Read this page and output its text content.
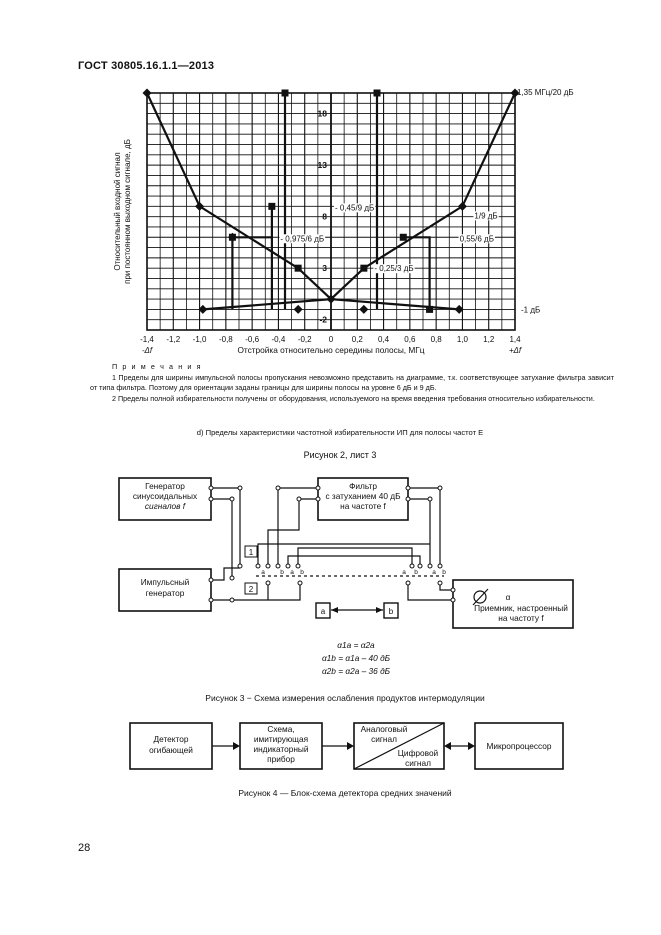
ГОСТ 30805.16.1.1—2013
-1,4 -1,2 -1,0 -0,8 -0,6 -0,4 -0,2 0 0,2 0,4 0,6 0,8 1,0 1,2 1,4
-Δf	+Δf
Отстройка относительно середины полосы, МГц
18
13
8
3
-2
Относительный входной сигнал при постоянном выходном сигнале, дБ
1,35 МГц/20 дБ
- 0,45/9 дБ
- 0,975/6 дБ
1/9 дБ
0,55/6 дБ
- 0,25/3 дБ
-1 дБ
П р и м е ч а н и я

1 Пределы для ширины импульсной полосы пропускания невозможно представить на диаграмме, т.к. соответствующее затухание фильтра зависит от типа фильтра. Поэтому для ориентации заданы границы для ширины полосы на уровне 6 дБ и 9 дБ.

2 Пределы полной избирательности получены от оборудования, используемого на время введения требования относительно избирательности.

d) Пределы характеристики частотной избирательности ИП для полосы частот Е
Рисунок 2, лист 3
Генератор
синусоидальных
сигналов f
Импульсный
генератор
Фильтр
с затуханием 40 дБ
на частоте f
Приемник, настроенный
на частоту f
α
1
2
a	b
a b a b	a b a b
α1a = α2a
α1b = α1a – 40 дБ
α2b = α2a – 36 дБ
Рисунок 3 − Схема измерения ослабления продуктов интермодуляции
Детектор
огибающей
Схема,
имитирующая
индикаторный
прибор
Аналоговый
сигнал
Цифровой
сигнал
Микропроцессор
Рисунок 4 — Блок-схема детектора средних значений
28
